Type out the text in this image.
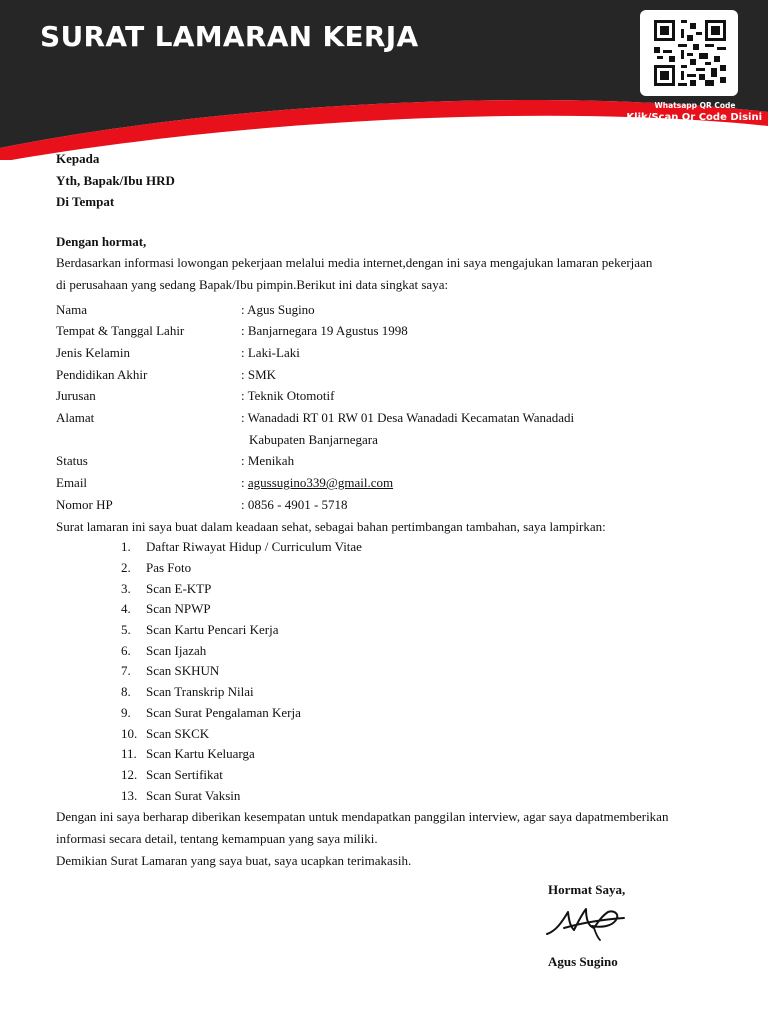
SURAT LAMARAN KERJA
Whatsapp QR Code
Klik/Scan Qr Code Disini
Kepada
Yth, Bapak/Ibu HRD
Di Tempat
Dengan hormat,
Berdasarkan informasi lowongan pekerjaan melalui media internet,dengan ini saya mengajukan lamaran pekerjaan
di perusahaan yang sedang Bapak/Ibu pimpin.Berikut ini data singkat saya:
Nama	: Agus Sugino
Tempat & Tanggal Lahir	: Banjarnegara 19 Agustus 1998
Jenis Kelamin	: Laki-Laki
Pendidikan Akhir	: SMK
Jurusan	: Teknik Otomotif
Alamat	: Wanadadi RT 01 RW 01 Desa Wanadadi Kecamatan Wanadadi
Kabupaten Banjarnegara
Status	: Menikah
Email	: agussugino339@gmail.com
Nomor HP	: 0856 - 4901 - 5718
Surat lamaran ini saya buat dalam keadaan sehat, sebagai bahan pertimbangan tambahan, saya lampirkan:
1.	Daftar Riwayat Hidup / Curriculum Vitae
2.	Pas Foto
3.	Scan E-KTP
4.	Scan NPWP
5.	Scan Kartu Pencari Kerja
6.	Scan Ijazah
7.	Scan SKHUN
8.	Scan Transkrip Nilai
9.	Scan Surat Pengalaman Kerja
10. Scan SKCK
11. Scan Kartu Keluarga
12. Scan Sertifikat
13. Scan Surat Vaksin
Dengan ini saya berharap diberikan kesempatan untuk mendapatkan panggilan interview, agar saya dapatmemberikan
informasi secara detail, tentang kemampuan yang saya miliki.
Demikian Surat Lamaran yang saya buat, saya ucapkan terimakasih.
Hormat Saya,
Agus Sugino
